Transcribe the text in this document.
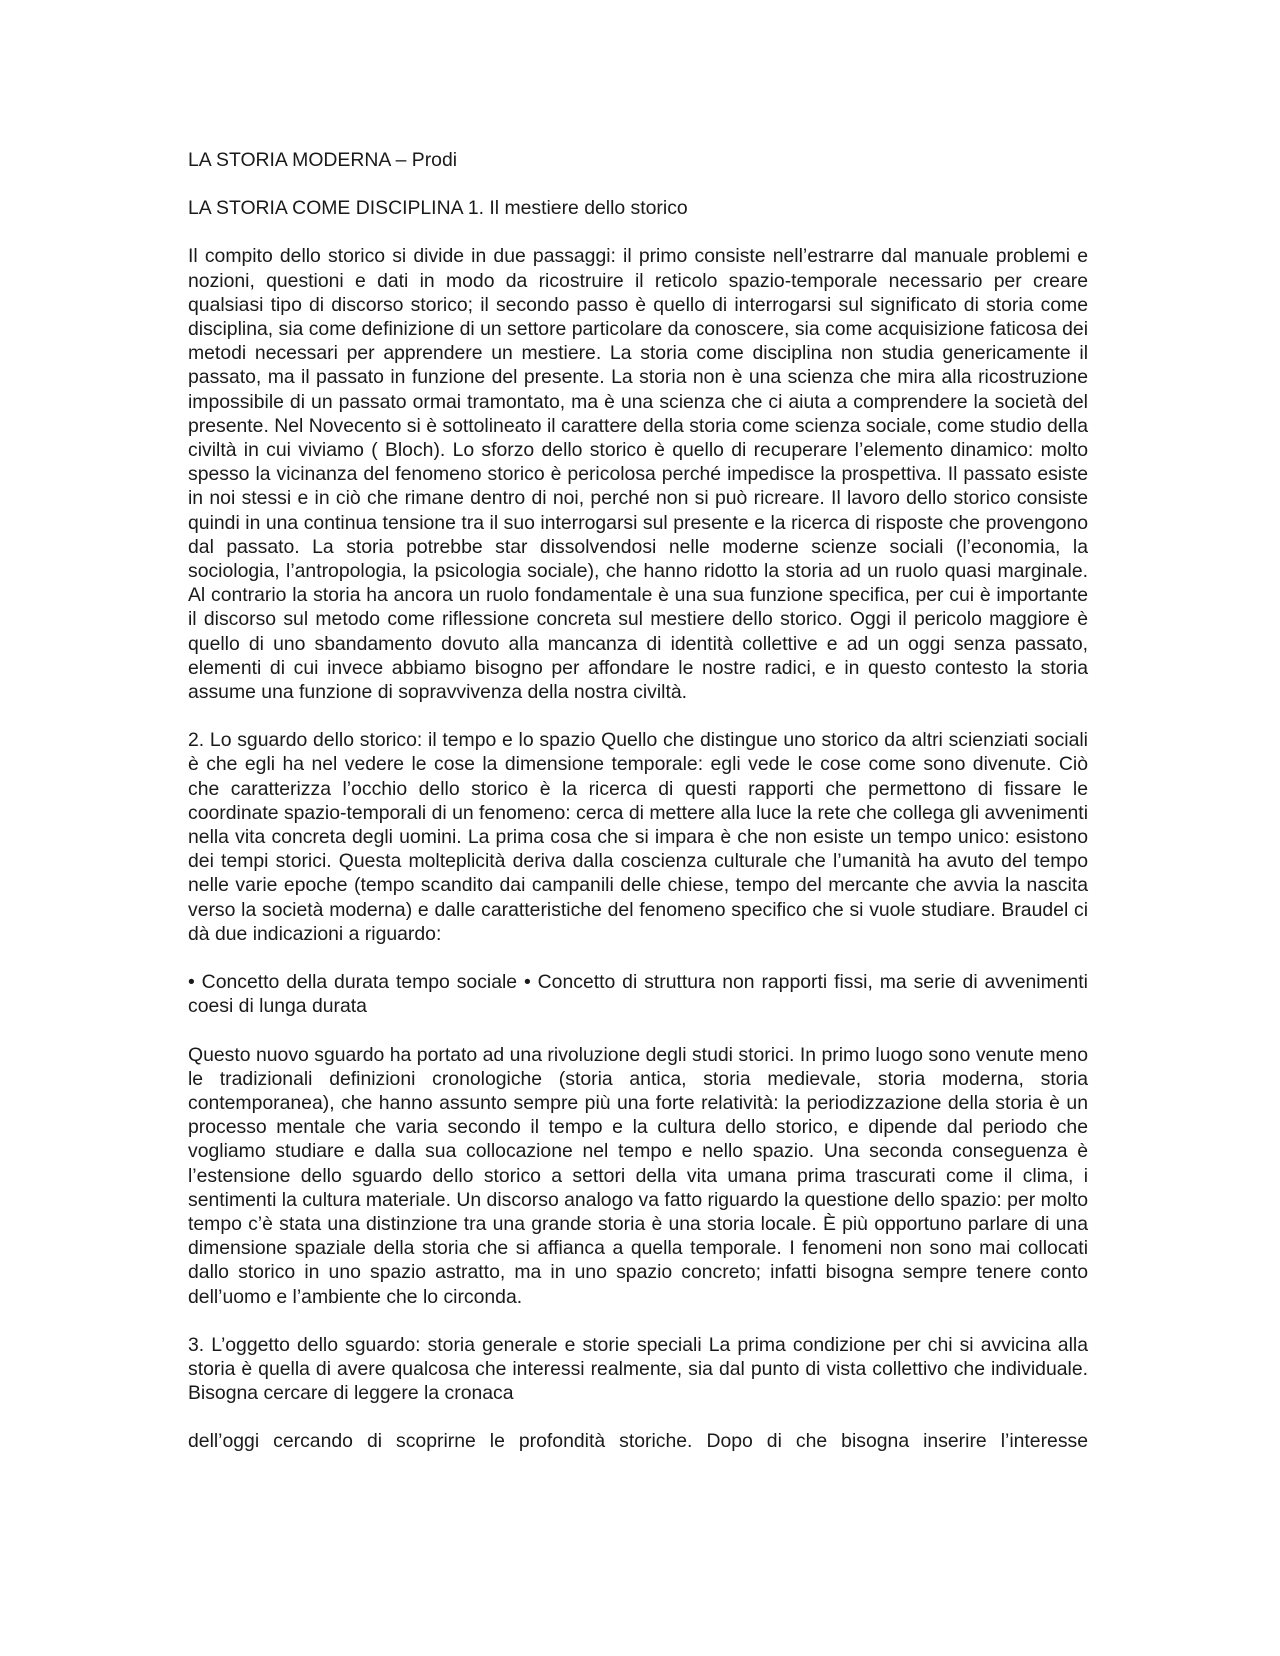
LA STORIA MODERNA – Prodi

LA STORIA COME DISCIPLINA 1. Il mestiere dello storico

Il compito dello storico si divide in due passaggi: il primo consiste nell’estrarre dal manuale problemi e nozioni, questioni e dati in modo da ricostruire il reticolo spazio-temporale necessario per creare qualsiasi tipo di discorso storico; il secondo passo è quello di interrogarsi sul significato di storia come disciplina, sia come definizione di un settore particolare da conoscere, sia come acquisizione faticosa dei metodi necessari per apprendere un mestiere. La storia come disciplina non studia genericamente il passato, ma il passato in funzione del presente. La storia non è una scienza che mira alla ricostruzione impossibile di un passato ormai tramontato, ma è una scienza che ci aiuta a comprendere la società del presente. Nel Novecento si è sottolineato il carattere della storia come scienza sociale, come studio della civiltà in cui viviamo ( Bloch). Lo sforzo dello storico è quello di recuperare l’elemento dinamico: molto spesso la vicinanza del fenomeno storico è pericolosa perché impedisce la prospettiva. Il passato esiste in noi stessi e in ciò che rimane dentro di noi, perché non si può ricreare. Il lavoro dello storico consiste quindi in una continua tensione tra il suo interrogarsi sul presente e la ricerca di risposte che provengono dal passato. La storia potrebbe star dissolvendosi nelle moderne scienze sociali (l’economia, la sociologia, l’antropologia, la psicologia sociale), che hanno ridotto la storia ad un ruolo quasi marginale. Al contrario la storia ha ancora un ruolo fondamentale è una sua funzione specifica, per cui è importante il discorso sul metodo come riflessione concreta sul mestiere dello storico. Oggi il pericolo maggiore è quello di uno sbandamento dovuto alla mancanza di identità collettive e ad un oggi senza passato, elementi di cui invece abbiamo bisogno per affondare le nostre radici, e in questo contesto la storia assume una funzione di sopravvivenza della nostra civiltà.

2. Lo sguardo dello storico: il tempo e lo spazio Quello che distingue uno storico da altri scienziati sociali è che egli ha nel vedere le cose la dimensione temporale: egli vede le cose come sono divenute. Ciò che caratterizza l’occhio dello storico è la ricerca di questi rapporti che permettono di fissare le coordinate spazio-temporali di un fenomeno: cerca di mettere alla luce la rete che collega gli avvenimenti nella vita concreta degli uomini. La prima cosa che si impara è che non esiste un tempo unico: esistono dei tempi storici. Questa molteplicità deriva dalla coscienza culturale che l’umanità ha avuto del tempo nelle varie epoche (tempo scandito dai campanili delle chiese, tempo del mercante che avvia la nascita verso la società moderna) e dalle caratteristiche del fenomeno specifico che si vuole studiare. Braudel ci dà due indicazioni a riguardo:

• Concetto della durata tempo sociale • Concetto di struttura non rapporti fissi, ma serie di avvenimenti coesi di lunga durata

Questo nuovo sguardo ha portato ad una rivoluzione degli studi storici. In primo luogo sono venute meno le tradizionali definizioni cronologiche (storia antica, storia medievale, storia moderna, storia contemporanea), che hanno assunto sempre più una forte relatività: la periodizzazione della storia è un processo mentale che varia secondo il tempo e la cultura dello storico, e dipende dal periodo che vogliamo studiare e dalla sua collocazione nel tempo e nello spazio. Una seconda conseguenza è l’estensione dello sguardo dello storico a settori della vita umana prima trascurati come il clima, i sentimenti la cultura materiale. Un discorso analogo va fatto riguardo la questione dello spazio: per molto tempo c’è stata una distinzione tra una grande storia è una storia locale. È più opportuno parlare di una dimensione spaziale della storia che si affianca a quella temporale. I fenomeni non sono mai collocati dallo storico in uno spazio astratto, ma in uno spazio concreto; infatti bisogna sempre tenere conto dell’uomo e l’ambiente che lo circonda.

3. L’oggetto dello sguardo: storia generale e storie speciali La prima condizione per chi si avvicina alla storia è quella di avere qualcosa che interessi realmente, sia dal punto di vista collettivo che individuale. Bisogna cercare di leggere la cronaca

dell’oggi cercando di scoprirne le profondità storiche. Dopo di che bisogna inserire l’interesse
